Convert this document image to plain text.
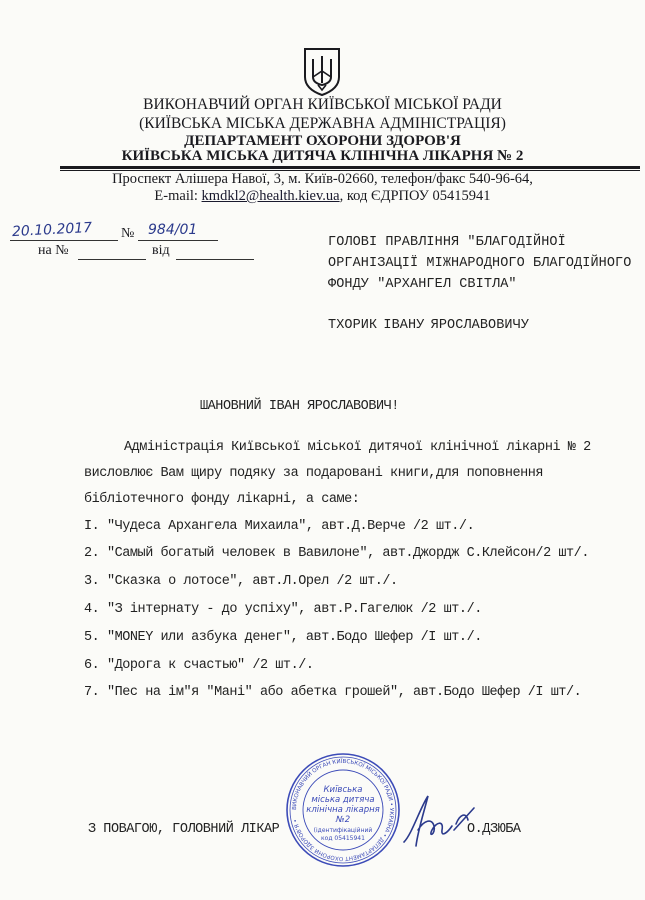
ВИКОНАВЧИЙ ОРГАН КИЇВСЬКОЇ МІСЬКОЇ РАДИ
(КИЇВСЬКА МІСЬКА ДЕРЖАВНА АДМІНІСТРАЦІЯ)
ДЕПАРТАМЕНТ ОХОРОНИ ЗДОРОВ'Я
КИЇВСЬКА МІСЬКА ДИТЯЧА КЛІНІЧНА ЛІКАРНЯ № 2
Проспект Алішера Навої, 3, м. Київ-02660, телефон/факс 540-96-64,
E-mail: kmdkl2@health.kiev.ua, код ЄДРПОУ 05415941
20.10.2017 № 984/01
на №	від
ГОЛОВІ ПРАВЛІННЯ "БЛАГОДІЙНОЇ
ОРГАНІЗАЦІЇ МІЖНАРОДНОГО БЛАГОДІЙНОГО
ФОНДУ "АРХАНГЕЛ СВІТЛА"
ТХОРИК ІВАНУ ЯРОСЛАВОВИЧУ
ШАНОВНИЙ ІВАН ЯРОСЛАВОВИЧ!
Адміністрація Київської міської дитячої клінічної лікарні № 2
висловлює Вам щиру подяку за подаровані книги,для поповнення
бібліотечного фонду лікарні, а саме:
I. "Чудеса Архангела Михаила", авт.Д.Верче /2 шт./.
2. "Самый богатый человек в Вавилоне", авт.Джордж С.Клейсон/2 шт/.
3. "Сказка о лотосе", авт.Л.Орел /2 шт./.
4. "З інтернату - до успіху", авт.Р.Гагелюк /2 шт./.
5. "MONEY или азбука денег", авт.Бодо Шефер /I шт./.
6. "Дорога к счастью" /2 шт./.
7. "Пес на ім"я "Мані" або абетка грошей", авт.Бодо Шефер /I шт/.
З ПОВАГОЮ, ГОЛОВНИЙ ЛІКАР	О.ДЗЮБА
ВИКОНАВЧИЙ ОРГАН КИЇВСЬКОЇ МІСЬКОЇ РАДИ • УКРАЇНА • ДЕПАРТАМЕНТ ОХОРОНИ ЗДОРОВ'Я •
Київська
міська дитяча
клінічна лікарня
№2
(ідентифікаційний
код 05415941
